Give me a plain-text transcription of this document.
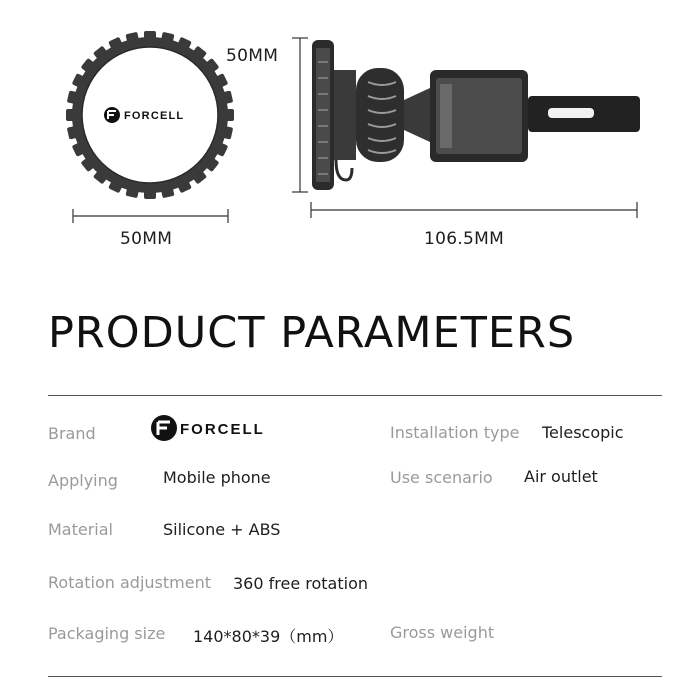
FORCELL
50MM
50MM	106.5MM
PRODUCT PARAMETERS
Brand	FORCELL	Installation type Telescopic
Applying	Mobile phone	Use scenario Air outlet
Material	Silicone + ABS
Rotation adjustment 360 free rotation
Packaging size 140*80*39（mm）	Gross weight
